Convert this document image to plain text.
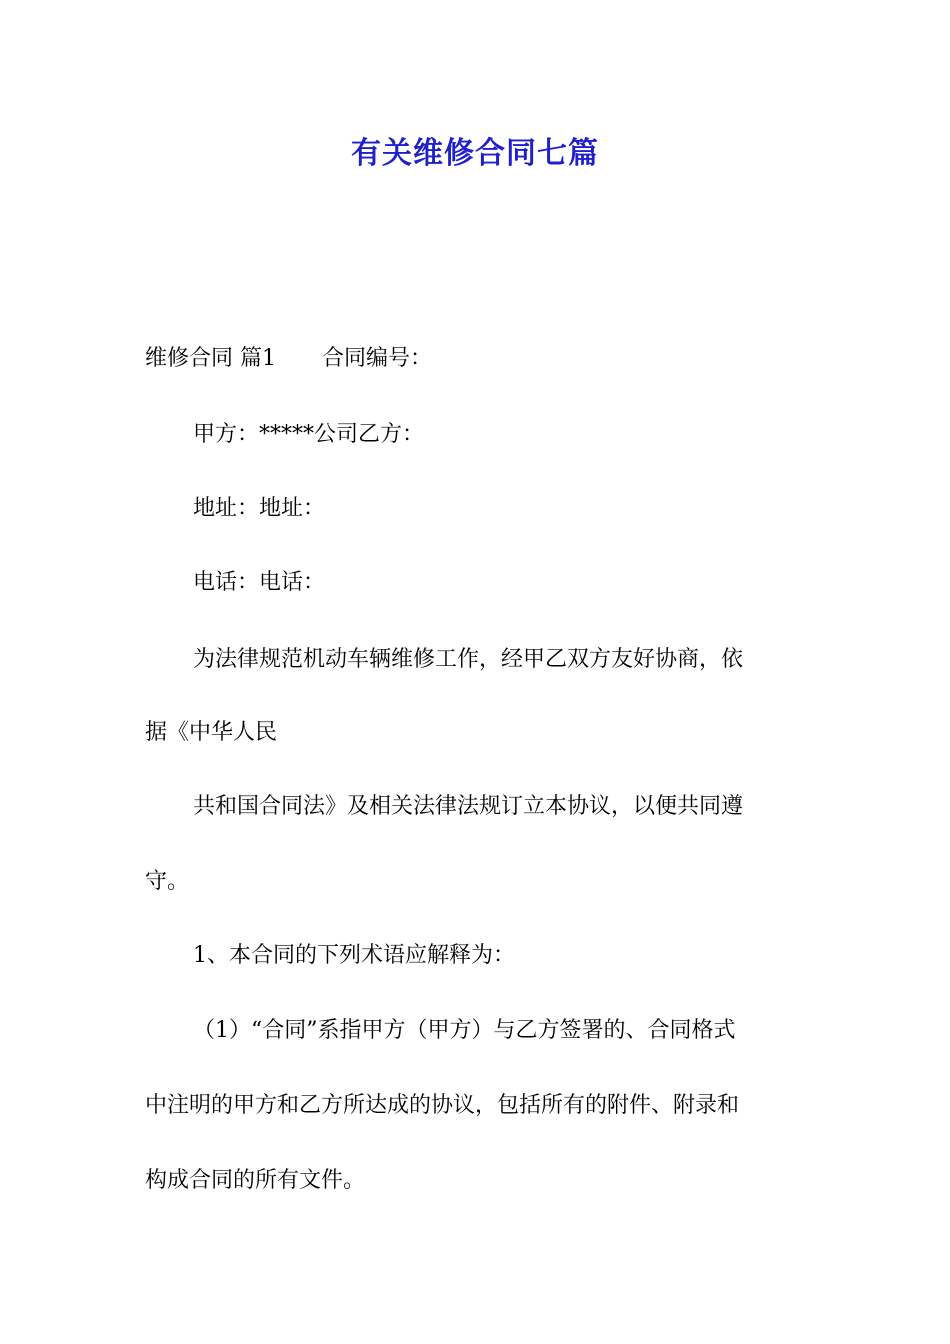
有关维修合同七篇

维修合同 篇1 合同编号：

甲方：*****公司乙方：

地址：地址：

电话：电话：

为法律规范机动车辆维修工作，经甲乙双方友好协商，依

据《中华人民

共和国合同法》及相关法律法规订立本协议，以便共同遵

守。

1、本合同的下列术语应解释为：

（1）“合同”系指甲方（甲方）与乙方签署的、合同格式

中注明的甲方和乙方所达成的协议，包括所有的附件、附录和

构成合同的所有文件。
